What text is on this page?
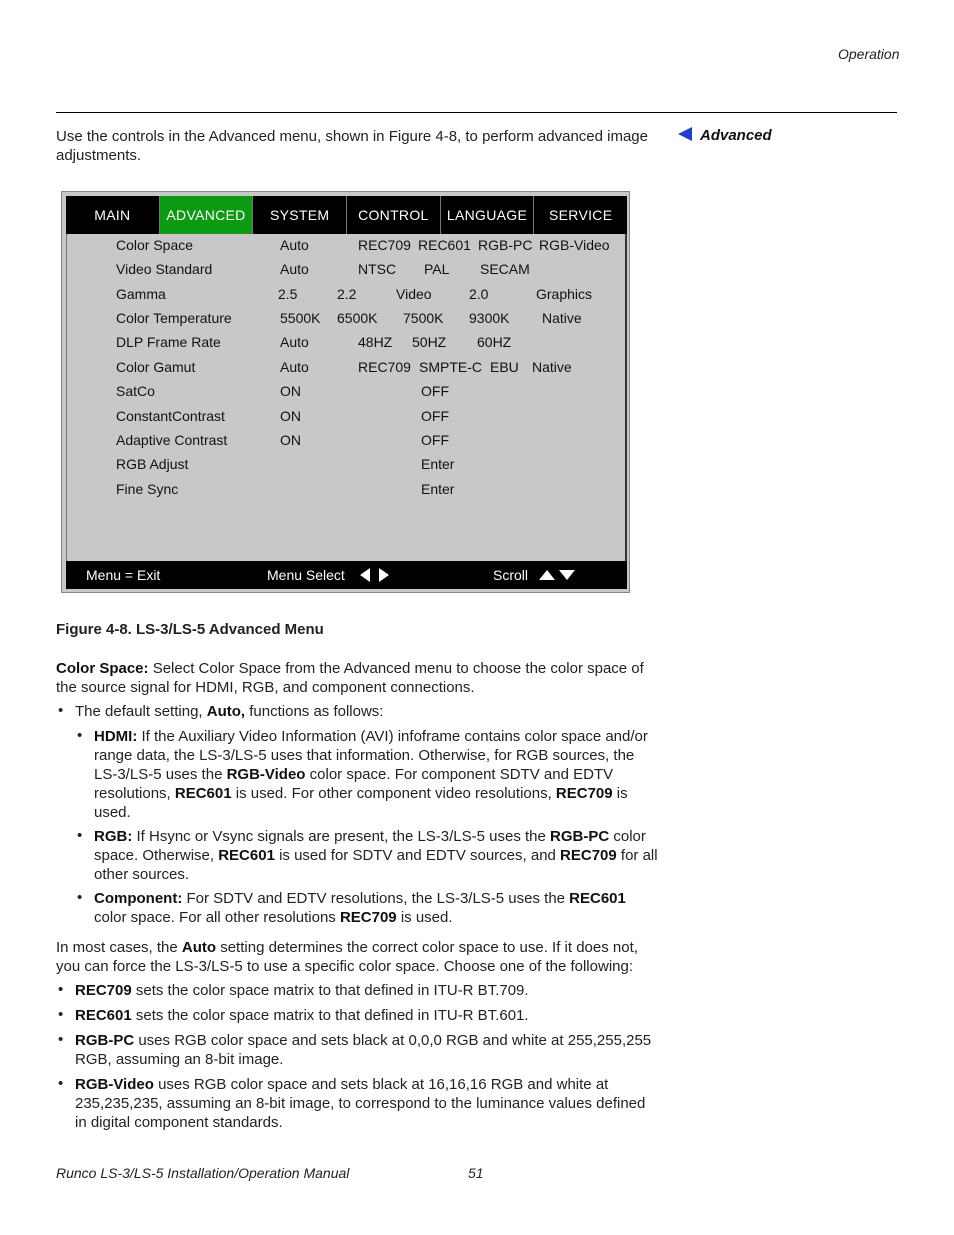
Operation
Use the controls in the Advanced menu, shown in Figure 4-8, to perform advanced image adjustments.
Advanced
MAIN	ADVANCED	SYSTEM	CONTROL	LANGUAGE	SERVICE
Color Space	Auto	REC709 REC601 RGB-PC RGB-Video
Video Standard	Auto	NTSC PAL SECAM
Gamma	2.5	2.2	Video	2.0	Graphics
Color Temperature	5500K 6500K 7500K 9300K Native
DLP Frame Rate	Auto	48HZ 50HZ 60HZ
Color Gamut	Auto	REC709 SMPTE-C EBU Native
SatCo	ON	OFF
ConstantContrast	ON	OFF
Adaptive Contrast	ON	OFF
RGB Adjust	Enter
Fine Sync	Enter
Menu = Exit	Menu Select	Scroll
Figure 4-8. LS-3/LS-5 Advanced Menu
Color Space: Select Color Space from the Advanced menu to choose the color space of the source signal for HDMI, RGB, and component connections.
• The default setting, Auto, functions as follows:
• HDMI: If the Auxiliary Video Information (AVI) infoframe contains color space and/or range data, the LS-3/LS-5 uses that information. Otherwise, for RGB sources, the LS-3/LS-5 uses the RGB-Video color space. For component SDTV and EDTV resolutions, REC601 is used. For other component video resolutions, REC709 is used.
• RGB: If Hsync or Vsync signals are present, the LS-3/LS-5 uses the RGB-PC color space. Otherwise, REC601 is used for SDTV and EDTV sources, and REC709 for all other sources.
• Component: For SDTV and EDTV resolutions, the LS-3/LS-5 uses the REC601 color space. For all other resolutions REC709 is used.
In most cases, the Auto setting determines the correct color space to use. If it does not, you can force the LS-3/LS-5 to use a specific color space. Choose one of the following:
• REC709 sets the color space matrix to that defined in ITU-R BT.709.
• REC601 sets the color space matrix to that defined in ITU-R BT.601.
• RGB-PC uses RGB color space and sets black at 0,0,0 RGB and white at 255,255,255 RGB, assuming an 8-bit image.
• RGB-Video uses RGB color space and sets black at 16,16,16 RGB and white at 235,235,235, assuming an 8-bit image, to correspond to the luminance values defined in digital component standards.
Runco LS-3/LS-5 Installation/Operation Manual	51
